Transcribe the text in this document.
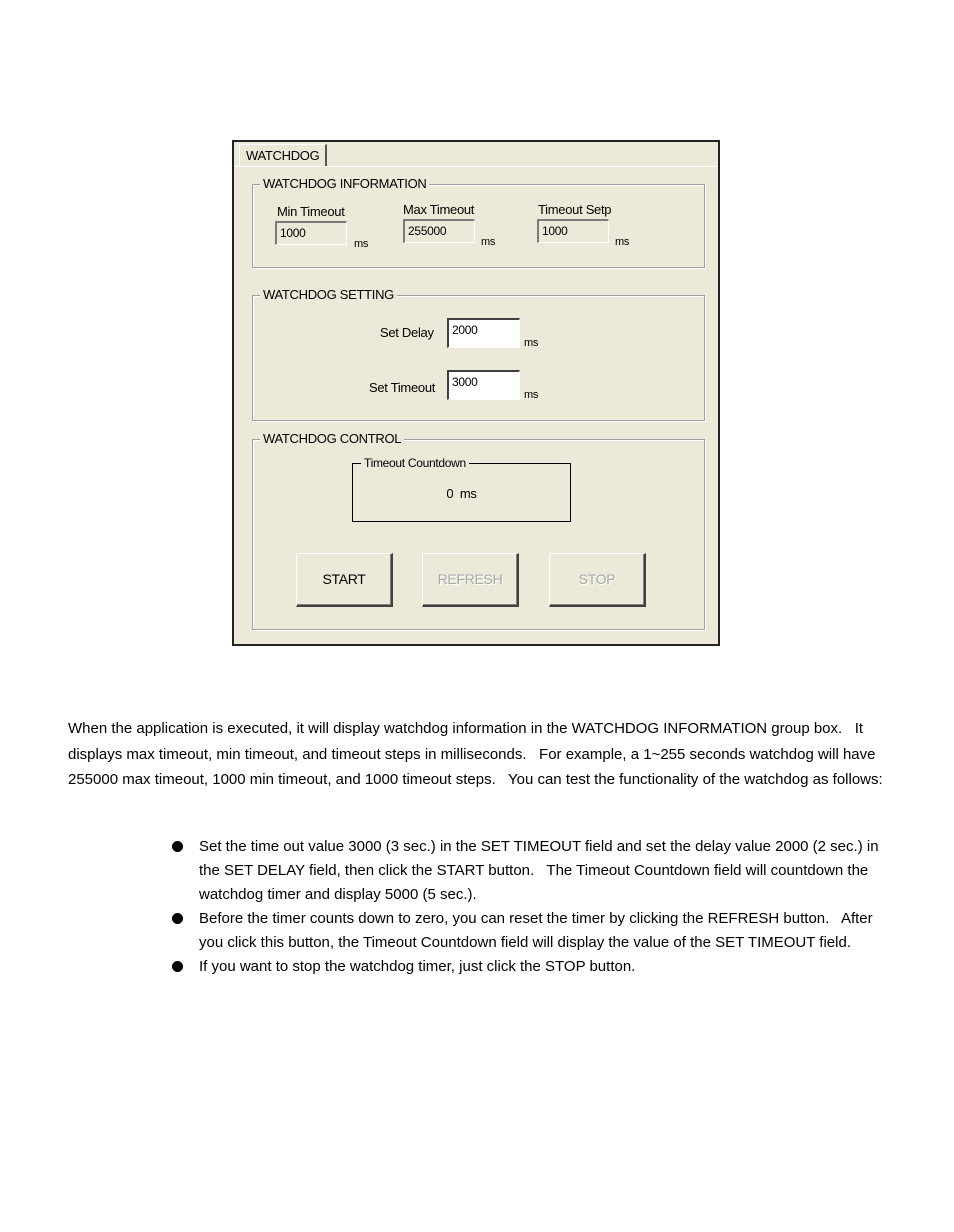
WATCHDOG
WATCHDOG INFORMATION
Min Timeout
1000
ms
Max Timeout
255000
ms
Timeout Setp
1000
ms
WATCHDOG SETTING
Set Delay	2000
ms
Set Timeout	3000
ms
WATCHDOG CONTROL
Timeout Countdown
0  ms
START	REFRESH	STOP
When the application is executed, it will display watchdog information in the WATCHDOG INFORMATION group box.   It displays max timeout, min timeout, and timeout steps in milliseconds.   For example, a 1~255 seconds watchdog will have 255000 max timeout, 1000 min timeout, and 1000 timeout steps.   You can test the functionality of the watchdog as follows:
Set the time out value 3000 (3 sec.) in the SET TIMEOUT field and set the delay value 2000 (2 sec.) in the SET DELAY field, then click the START button.   The Timeout Countdown field will countdown the watchdog timer and display 5000 (5 sec.).
Before the timer counts down to zero, you can reset the timer by clicking the REFRESH button.   After you click this button, the Timeout Countdown field will display the value of the SET TIMEOUT field.
If you want to stop the watchdog timer, just click the STOP button.
